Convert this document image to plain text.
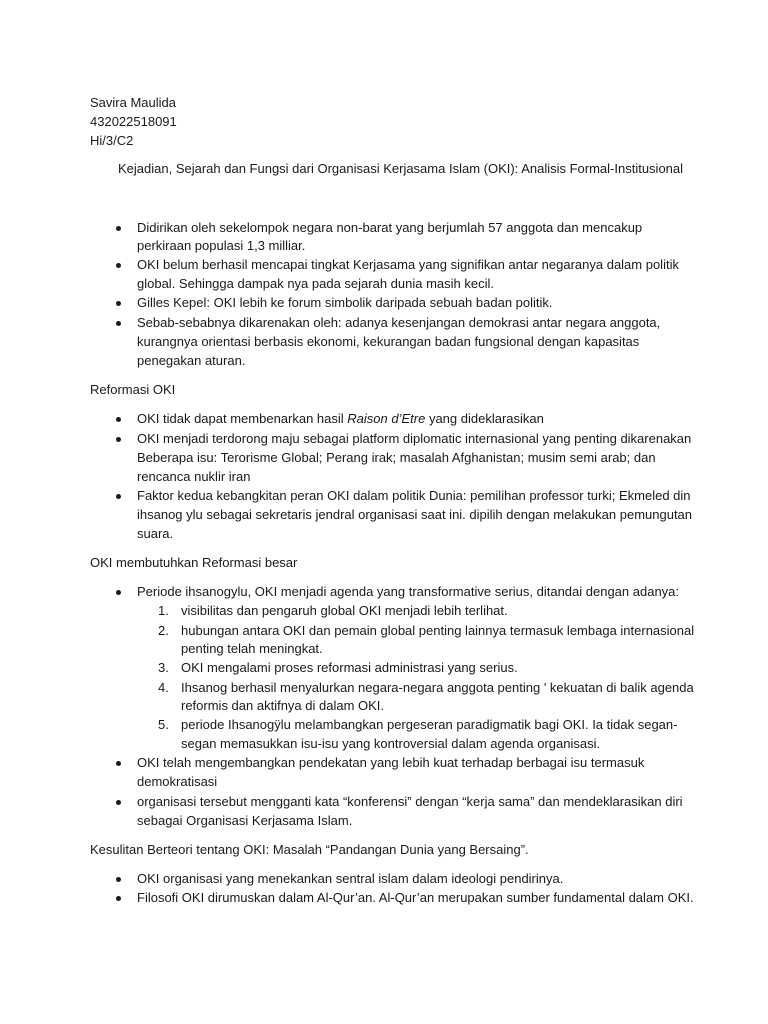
Savira Maulida
432022518091
Hi/3/C2
Kejadian, Sejarah dan Fungsi dari Organisasi Kerjasama Islam (OKI): Analisis Formal-Institusional
Didirikan oleh sekelompok negara non-barat yang berjumlah 57 anggota dan mencakup
perkiraan populasi 1,3 milliar.
OKI belum berhasil mencapai tingkat Kerjasama yang signifikan antar negaranya dalam politik
global. Sehingga dampak nya pada sejarah dunia masih kecil.
Gilles Kepel: OKI lebih ke forum simbolik daripada sebuah badan politik.
Sebab-sebabnya dikarenakan oleh: adanya kesenjangan demokrasi antar negara anggota,
kurangnya orientasi berbasis ekonomi, kekurangan badan fungsional dengan kapasitas
penegakan aturan.
Reformasi OKI
OKI tidak dapat membenarkan hasil Raison d’Etre yang dideklarasikan
OKI menjadi terdorong maju sebagai platform diplomatic internasional yang penting dikarenakan
Beberapa isu: Terorisme Global; Perang irak; masalah Afghanistan; musim semi arab; dan
rencanca nuklir iran
Faktor kedua kebangkitan peran OKI dalam politik Dunia: pemilihan professor turki; Ekmeled din
ihsanog ylu sebagai sekretaris jendral organisasi saat ini. dipilih dengan melakukan pemungutan
suara.
OKI membutuhkan Reformasi besar
Periode ihsanogylu, OKI menjadi agenda yang transformative serius, ditandai dengan adanya:
1. visibilitas dan pengaruh global OKI menjadi lebih terlihat.
2. hubungan antara OKI dan pemain global penting lainnya termasuk lembaga internasional
penting telah meningkat.
3. OKI mengalami proses reformasi administrasi yang serius.
4. Ihsanog berhasil menyalurkan negara-negara anggota penting ' kekuatan di balik agenda
reformis dan aktifnya di dalam OKI.
5. periode Ihsanogÿlu melambangkan pergeseran paradigmatik bagi OKI. Ia tidak segan-
segan memasukkan isu-isu yang kontroversial dalam agenda organisasi.
OKI telah mengembangkan pendekatan yang lebih kuat terhadap berbagai isu termasuk
demokratisasi
organisasi tersebut mengganti kata “konferensi” dengan “kerja sama” dan mendeklarasikan diri
sebagai Organisasi Kerjasama Islam.
Kesulitan Berteori tentang OKI: Masalah “Pandangan Dunia yang Bersaing”.
OKI organisasi yang menekankan sentral islam dalam ideologi pendirinya.
Filosofi OKI dirumuskan dalam Al-Qur’an. Al-Qur’an merupakan sumber fundamental dalam OKI.
